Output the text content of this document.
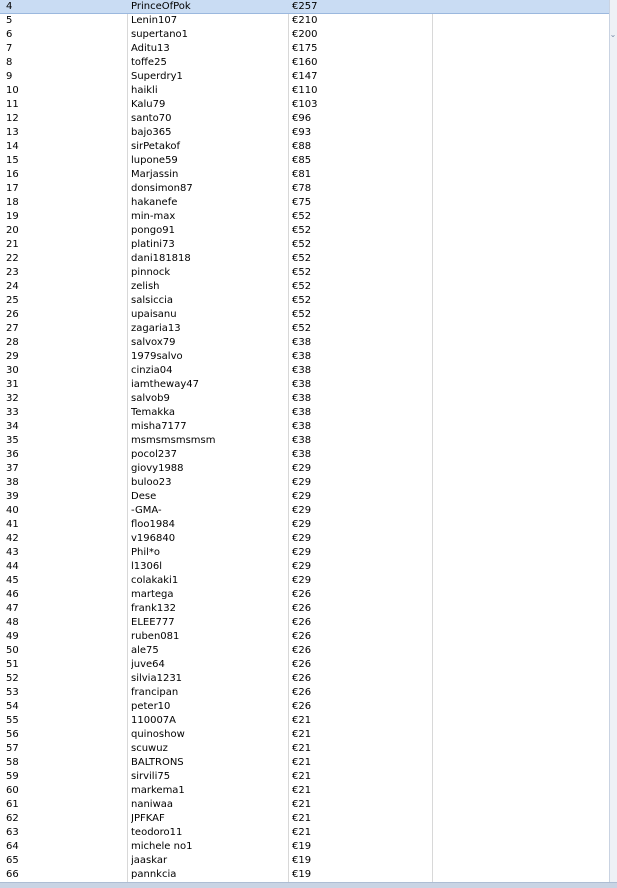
4	PrinceOfPok	€257
5	Lenin107	€210
6	supertano1	€200
7	Aditu13	€175
8	toffe25	€160
9	Superdry1	€147
10	haikli	€110
11	Kalu79	€103
12	santo70	€96
13	bajo365	€93
14	sirPetakof	€88
15	lupone59	€85
16	Marjassin	€81
17	donsimon87	€78
18	hakanefe	€75
19	min-max	€52
20	pongo91	€52
21	platini73	€52
22	dani181818	€52
23	pinnock	€52
24	zelish	€52
25	salsiccia	€52
26	upaisanu	€52
27	zagaria13	€52
28	salvox79	€38
29	1979salvo	€38
30	cinzia04	€38
31	iamtheway47	€38
32	salvob9	€38
33	Temakka	€38
34	misha7177	€38
35	msmsmsmsmsm	€38
36	pocol237	€38
37	giovy1988	€29
38	buloo23	€29
39	Dese	€29
40	-GMA-	€29
41	floo1984	€29
42	v196840	€29
43	Phil*o	€29
44	l1306l	€29
45	colakaki1	€29
46	martega	€26
47	frank132	€26
48	ELEE777	€26
49	ruben081	€26
50	ale75	€26
51	juve64	€26
52	silvia1231	€26
53	francipan	€26
54	peter10	€26
55	110007A	€21
56	quinoshow	€21
57	scuwuz	€21
58	BALTRONS	€21
59	sirvili75	€21
60	markema1	€21
61	naniwaa	€21
62	JPFKAF	€21
63	teodoro11	€21
64	michele no1	€19
65	jaaskar	€19
66	pannkcia	€19
⌄
